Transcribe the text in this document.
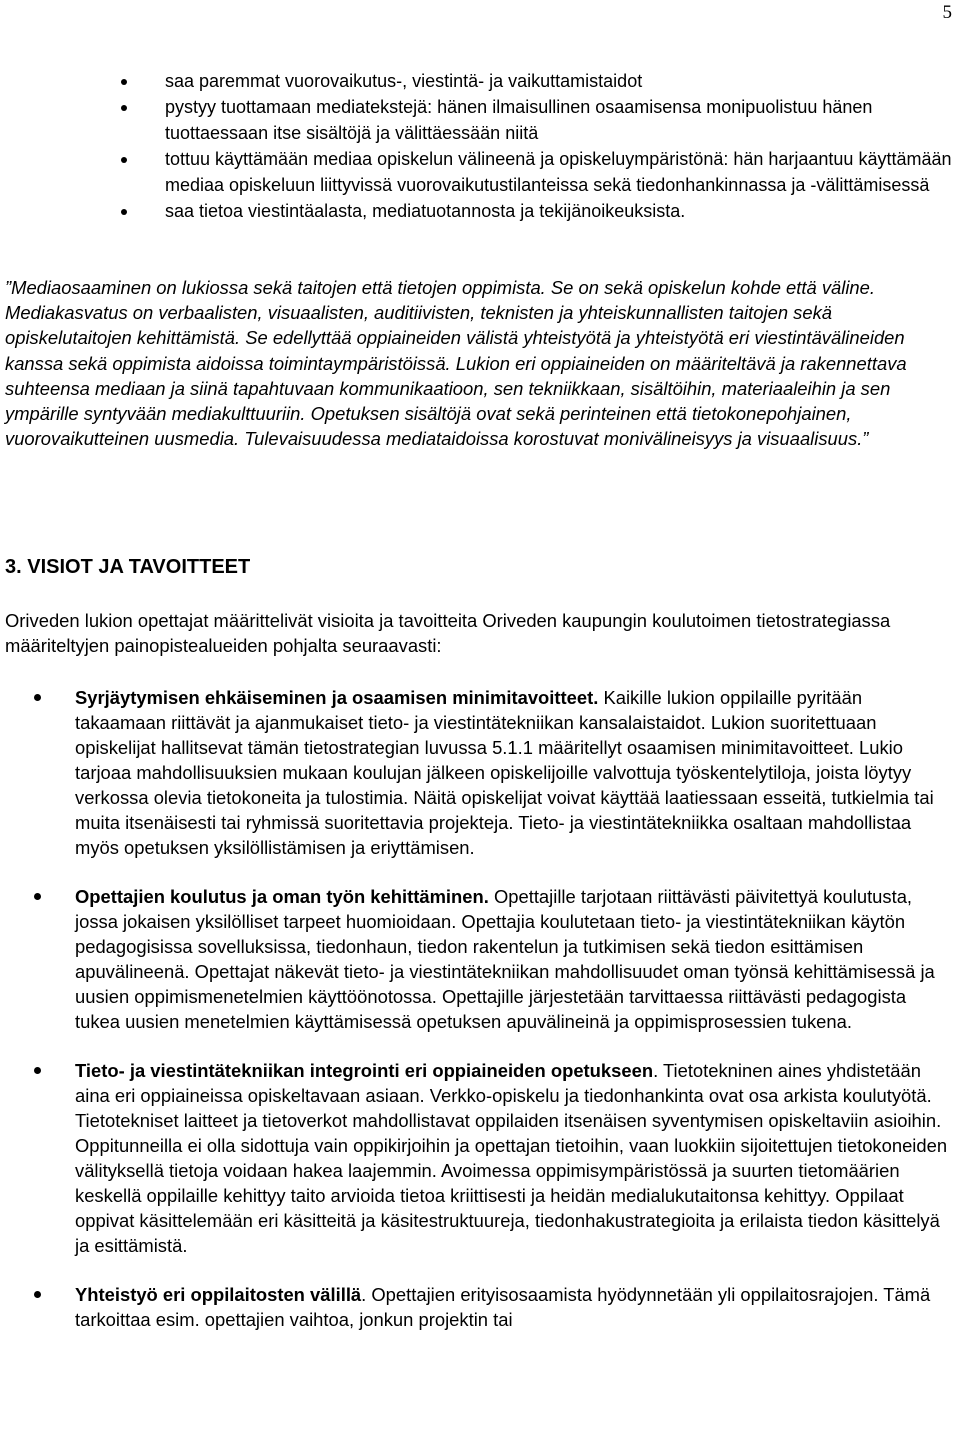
5
saa paremmat vuorovaikutus-, viestintä- ja vaikuttamistaidot
pystyy tuottamaan mediatekstejä: hänen ilmaisullinen osaamisensa monipuolistuu hänen tuottaessaan itse sisältöjä ja välittäessään niitä
tottuu käyttämään mediaa opiskelun välineenä ja opiskeluympäristönä: hän harjaantuu käyttämään mediaa opiskeluun liittyvissä vuorovaikutustilanteissa sekä tiedonhankinnassa ja -välittämisessä
saa tietoa viestintäalasta, mediatuotannosta ja tekijänoikeuksista.

”Mediaosaaminen on lukiossa sekä taitojen että tietojen oppimista. Se on sekä opiskelun kohde että väline. Mediakasvatus on verbaalisten, visuaalisten, auditiivisten, teknisten ja yhteiskunnallisten taitojen sekä opiskelutaitojen kehittämistä. Se edellyttää oppiaineiden välistä yhteistyötä ja yhteistyötä eri viestintävälineiden kanssa sekä oppimista aidoissa toimintaympäristöissä. Lukion eri oppiaineiden on määriteltävä ja rakennettava suhteensa mediaan ja siinä tapahtuvaan kommunikaatioon, sen tekniikkaan, sisältöihin, materiaaleihin ja sen ympärille syntyvään mediakulttuuriin. Opetuksen sisältöjä ovat sekä perinteinen että tietokonepohjainen, vuorovaikutteinen uusmedia. Tulevaisuudessa mediataidoissa korostuvat monivälineisyys ja visuaalisuus.”

3. VISIOT JA TAVOITTEET

Oriveden lukion opettajat määrittelivät visioita ja tavoitteita Oriveden kaupungin koulutoimen tietostrategiassa määriteltyjen painopistealueiden pohjalta seuraavasti:

Syrjäytymisen ehkäiseminen ja osaamisen minimitavoitteet. Kaikille lukion oppilaille pyritään takaamaan riittävät ja ajanmukaiset tieto- ja viestintätekniikan kansalaistaidot. Lukion suoritettuaan opiskelijat hallitsevat tämän tietostrategian luvussa 5.1.1 määritellyt osaamisen minimitavoitteet. Lukio tarjoaa mahdollisuuksien mukaan koulujan jälkeen opiskelijoille valvottuja työskentelytiloja, joista löytyy verkossa olevia tietokoneita ja tulostimia. Näitä opiskelijat voivat käyttää laatiessaan esseitä, tutkielmia tai muita itsenäisesti tai ryhmissä suoritettavia projekteja. Tieto- ja viestintätekniikka osaltaan mahdollistaa myös opetuksen yksilöllistämisen ja eriyttämisen.
Opettajien koulutus ja oman työn kehittäminen. Opettajille tarjotaan riittävästi päivitettyä koulutusta, jossa jokaisen yksilölliset tarpeet huomioidaan. Opettajia koulutetaan tieto- ja viestintätekniikan käytön pedagogisissa sovelluksissa, tiedonhaun, tiedon rakentelun ja tutkimisen sekä tiedon esittämisen apuvälineenä. Opettajat näkevät tieto- ja viestintätekniikan mahdollisuudet oman työnsä kehittämisessä ja uusien oppimismenetelmien käyttöönotossa. Opettajille järjestetään tarvittaessa riittävästi pedagogista tukea uusien menetelmien käyttämisessä opetuksen apuvälineinä ja oppimisprosessien tukena.
Tieto- ja viestintätekniikan integrointi eri oppiaineiden opetukseen. Tietotekninen aines yhdistetään aina eri oppiaineissa opiskeltavaan asiaan. Verkko-opiskelu ja tiedonhankinta ovat osa arkista koulutyötä. Tietotekniset laitteet ja tietoverkot mahdollistavat oppilaiden itsenäisen syventymisen opiskeltaviin asioihin. Oppitunneilla ei olla sidottuja vain oppikirjoihin ja opettajan tietoihin, vaan luokkiin sijoitettujen tietokoneiden välityksellä tietoja voidaan hakea laajemmin. Avoimessa oppimisympäristössä ja suurten tietomäärien keskellä oppilaille kehittyy taito arvioida tietoa kriittisesti ja heidän medialukutaitonsa kehittyy. Oppilaat oppivat käsittelemään eri käsitteitä ja käsitestruktuureja, tiedonhakustrategioita ja erilaista tiedon käsittelyä ja esittämistä.
Yhteistyö eri oppilaitosten välillä. Opettajien erityisosaamista hyödynnetään yli oppilaitosrajojen. Tämä tarkoittaa esim. opettajien vaihtoa, jonkun projektin tai
